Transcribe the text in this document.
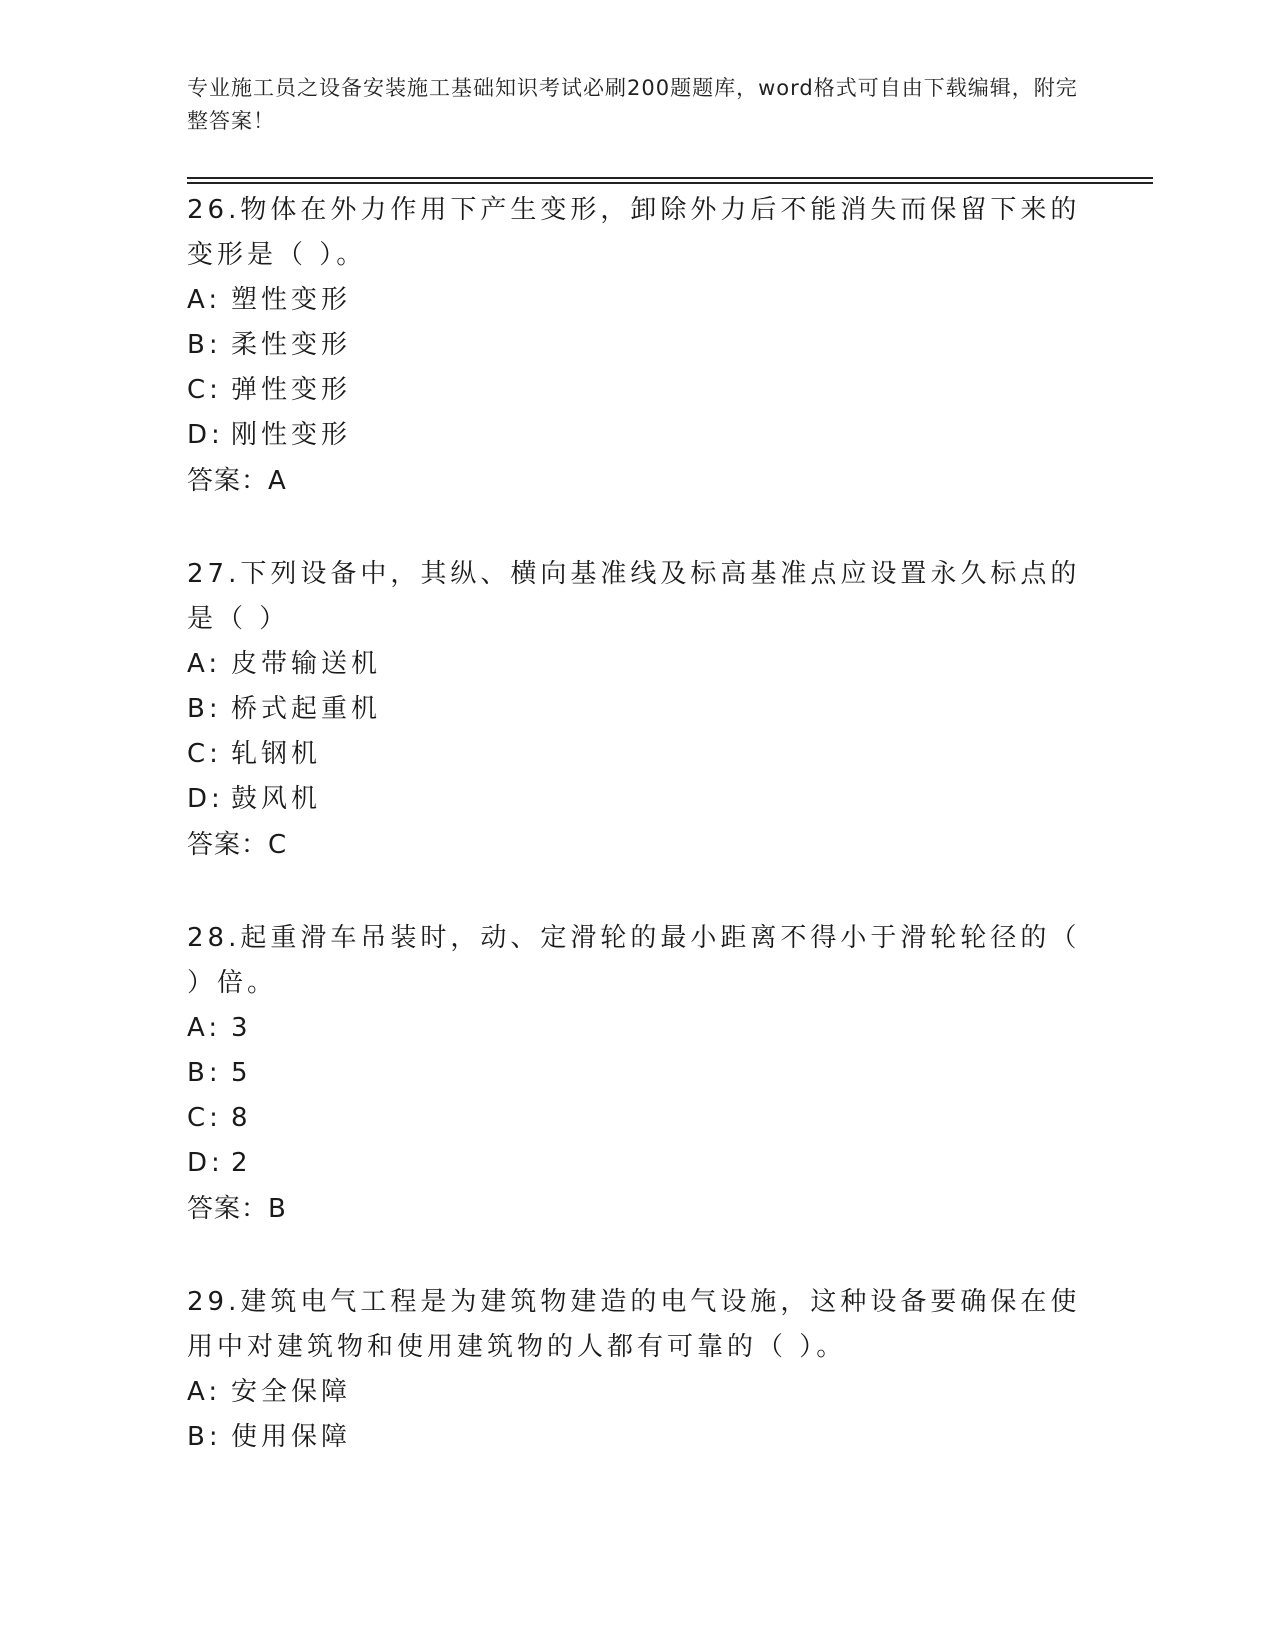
专业施工员之设备安装施工基础知识考试必刷200题题库，word格式可自由下载编辑，附完整答案！

26.物体在外力作用下产生变形，卸除外力后不能消失而保留下来的变形是（ ）。

A: 塑性变形

B: 柔性变形

C: 弹性变形

D: 刚性变形

答案：A

27.下列设备中，其纵、横向基准线及标高基准点应设置永久标点的是（ ）

A: 皮带输送机

B: 桥式起重机

C: 轧钢机

D: 鼓风机

答案：C

28.起重滑车吊装时，动、定滑轮的最小距离不得小于滑轮轮径的（ ）倍。

A: 3

B: 5

C: 8

D: 2

答案：B

29.建筑电气工程是为建筑物建造的电气设施，这种设备要确保在使用中对建筑物和使用建筑物的人都有可靠的（ ）。

A: 安全保障

B: 使用保障
